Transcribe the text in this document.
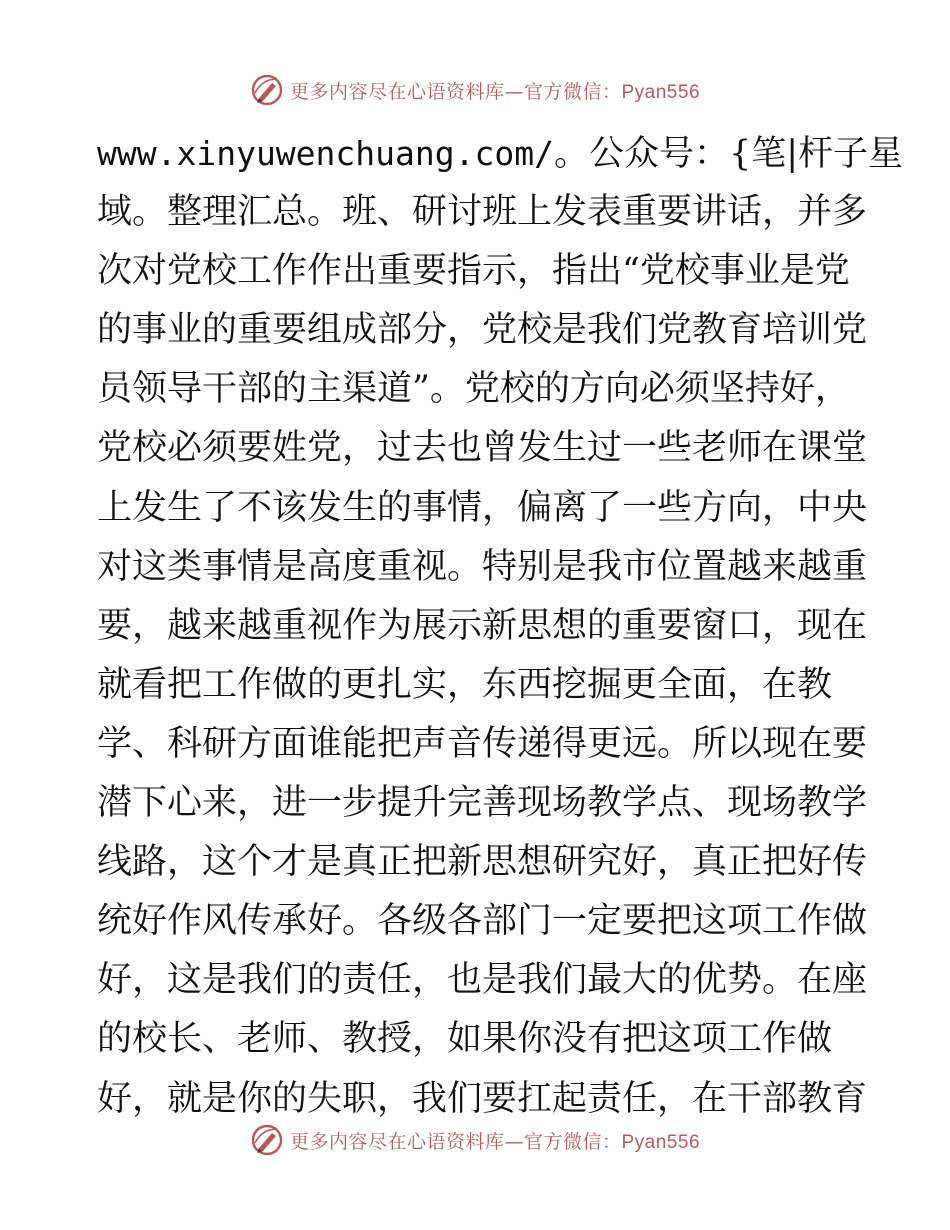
更多内容尽在心语资料库—官方微信：Pyan556
www.xinyuwenchuang.com/。公众号：{笔|杆子星
域。整理汇总。班、研讨班上发表重要讲话，并多
次对党校工作作出重要指示，指出“党校事业是党
的事业的重要组成部分，党校是我们党教育培训党
员领导干部的主渠道”。党校的方向必须坚持好，
党校必须要姓党，过去也曾发生过一些老师在课堂
上发生了不该发生的事情，偏离了一些方向，中央
对这类事情是高度重视。特别是我市位置越来越重
要，越来越重视作为展示新思想的重要窗口，现在
就看把工作做的更扎实，东西挖掘更全面，在教
学、科研方面谁能把声音传递得更远。所以现在要
潜下心来，进一步提升完善现场教学点、现场教学
线路，这个才是真正把新思想研究好，真正把好传
统好作风传承好。各级各部门一定要把这项工作做
好，这是我们的责任，也是我们最大的优势。在座
的校长、老师、教授，如果你没有把这项工作做
好，就是你的失职，我们要扛起责任，在干部教育
更多内容尽在心语资料库—官方微信：Pyan556
